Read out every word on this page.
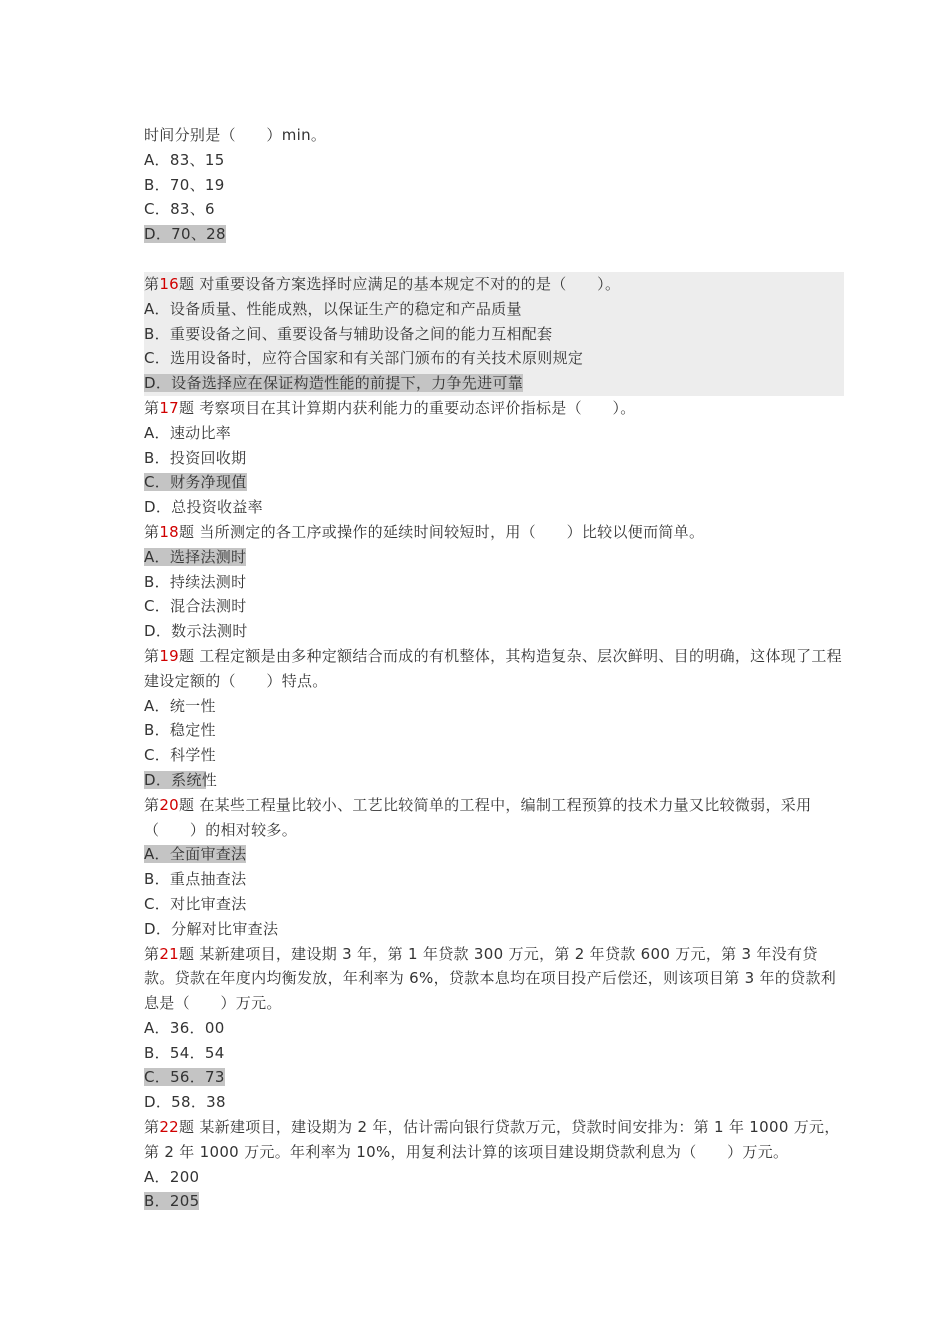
时间分别是（　　）min。
A．83、15
B．70、19
C．83、6
D．70、28
第16题 对重要设备方案选择时应满足的基本规定不对的的是（　　）。
A．设备质量、性能成熟，以保证生产的稳定和产品质量
B．重要设备之间、重要设备与辅助设备之间的能力互相配套
C．选用设备时，应符合国家和有关部门颁布的有关技术原则规定
D．设备选择应在保证构造性能的前提下，力争先进可靠
第17题 考察项目在其计算期内获利能力的重要动态评价指标是（　　）。
A．速动比率
B．投资回收期
C．财务净现值
D．总投资收益率
第18题 当所测定的各工序或操作的延续时间较短时，用（　　）比较以便而简单。
A．选择法测时
B．持续法测时
C．混合法测时
D．数示法测时
第19题 工程定额是由多种定额结合而成的有机整体，其构造复杂、层次鲜明、目的明确，这体现了工程建设定额的（　　）特点。
A．统一性
B．稳定性
C．科学性
D．系统性
第20题 在某些工程量比较小、工艺比较简单的工程中，编制工程预算的技术力量又比较微弱，采用（　　）的相对较多。
A．全面审查法
B．重点抽查法
C．对比审查法
D．分解对比审查法
第21题 某新建项目，建设期 3 年，第 1 年贷款 300 万元，第 2 年贷款 600 万元，第 3 年没有贷款。贷款在年度内均衡发放，年利率为 6%，贷款本息均在项目投产后偿还，则该项目第 3 年的贷款利息是（　　）万元。
A．36．00
B．54．54
C．56．73
D．58．38
第22题 某新建项目，建设期为 2 年，估计需向银行贷款万元，贷款时间安排为：第 1 年 1000 万元，第 2 年 1000 万元。年利率为 10%，用复利法计算的该项目建设期贷款利息为（　　）万元。
A．200
B．205
